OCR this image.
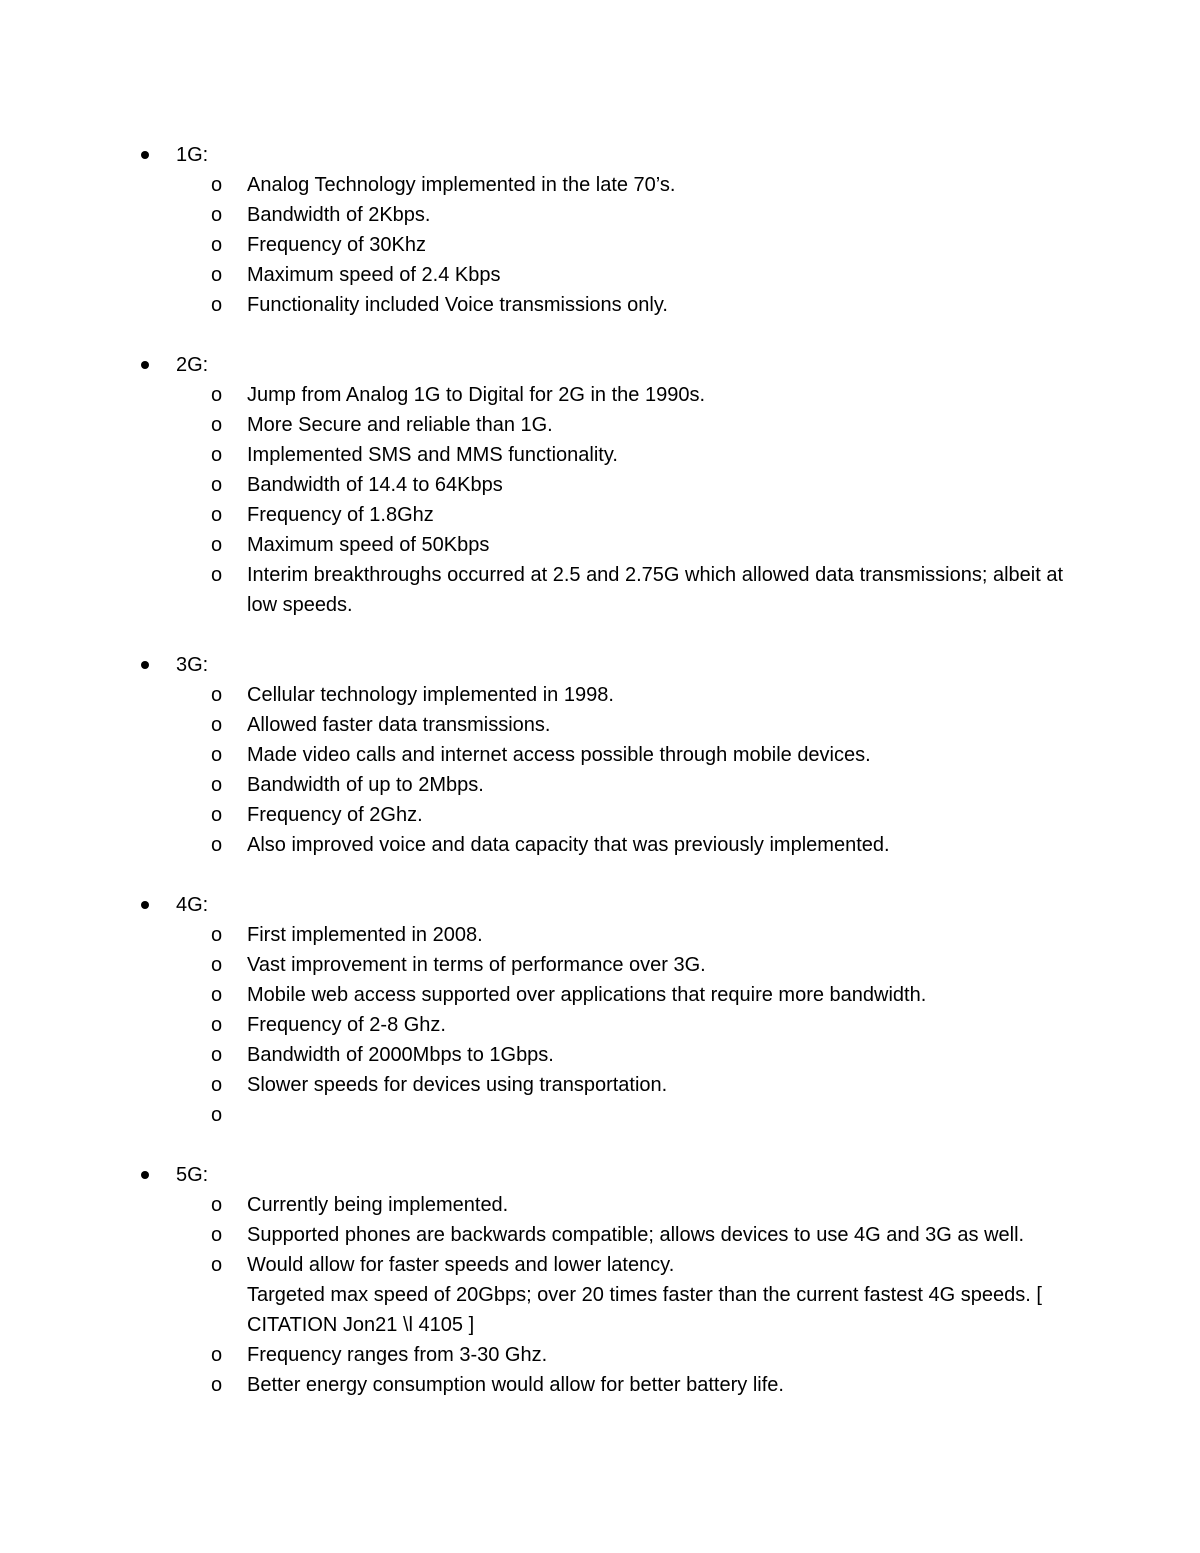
1G:
o Analog Technology implemented in the late 70’s.
o Bandwidth of 2Kbps.
o Frequency of 30Khz
o Maximum speed of 2.4 Kbps
o Functionality included Voice transmissions only.
2G:
o Jump from Analog 1G to Digital for 2G in the 1990s.
o More Secure and reliable than 1G.
o Implemented SMS and MMS functionality.
o Bandwidth of 14.4 to 64Kbps
o Frequency of 1.8Ghz
o Maximum speed of 50Kbps
o Interim breakthroughs occurred at 2.5 and 2.75G which allowed data transmissions; albeit at low speeds.
3G:
o Cellular technology implemented in 1998.
o Allowed faster data transmissions.
o Made video calls and internet access possible through mobile devices.
o Bandwidth of up to 2Mbps.
o Frequency of 2Ghz.
o Also improved voice and data capacity that was previously implemented.
4G:
o First implemented in 2008.
o Vast improvement in terms of performance over 3G.
o Mobile web access supported over applications that require more bandwidth.
o Frequency of 2-8 Ghz.
o Bandwidth of 2000Mbps to 1Gbps.
o Slower speeds for devices using transportation.
o
5G:
o Currently being implemented.
o Supported phones are backwards compatible; allows devices to use 4G and 3G as well.
o Would allow for faster speeds and lower latency.
Targeted max speed of 20Gbps; over 20 times faster than the current fastest 4G speeds. [ CITATION Jon21 \l 4105 ]
o Frequency ranges from 3-30 Ghz.
o Better energy consumption would allow for better battery life.
